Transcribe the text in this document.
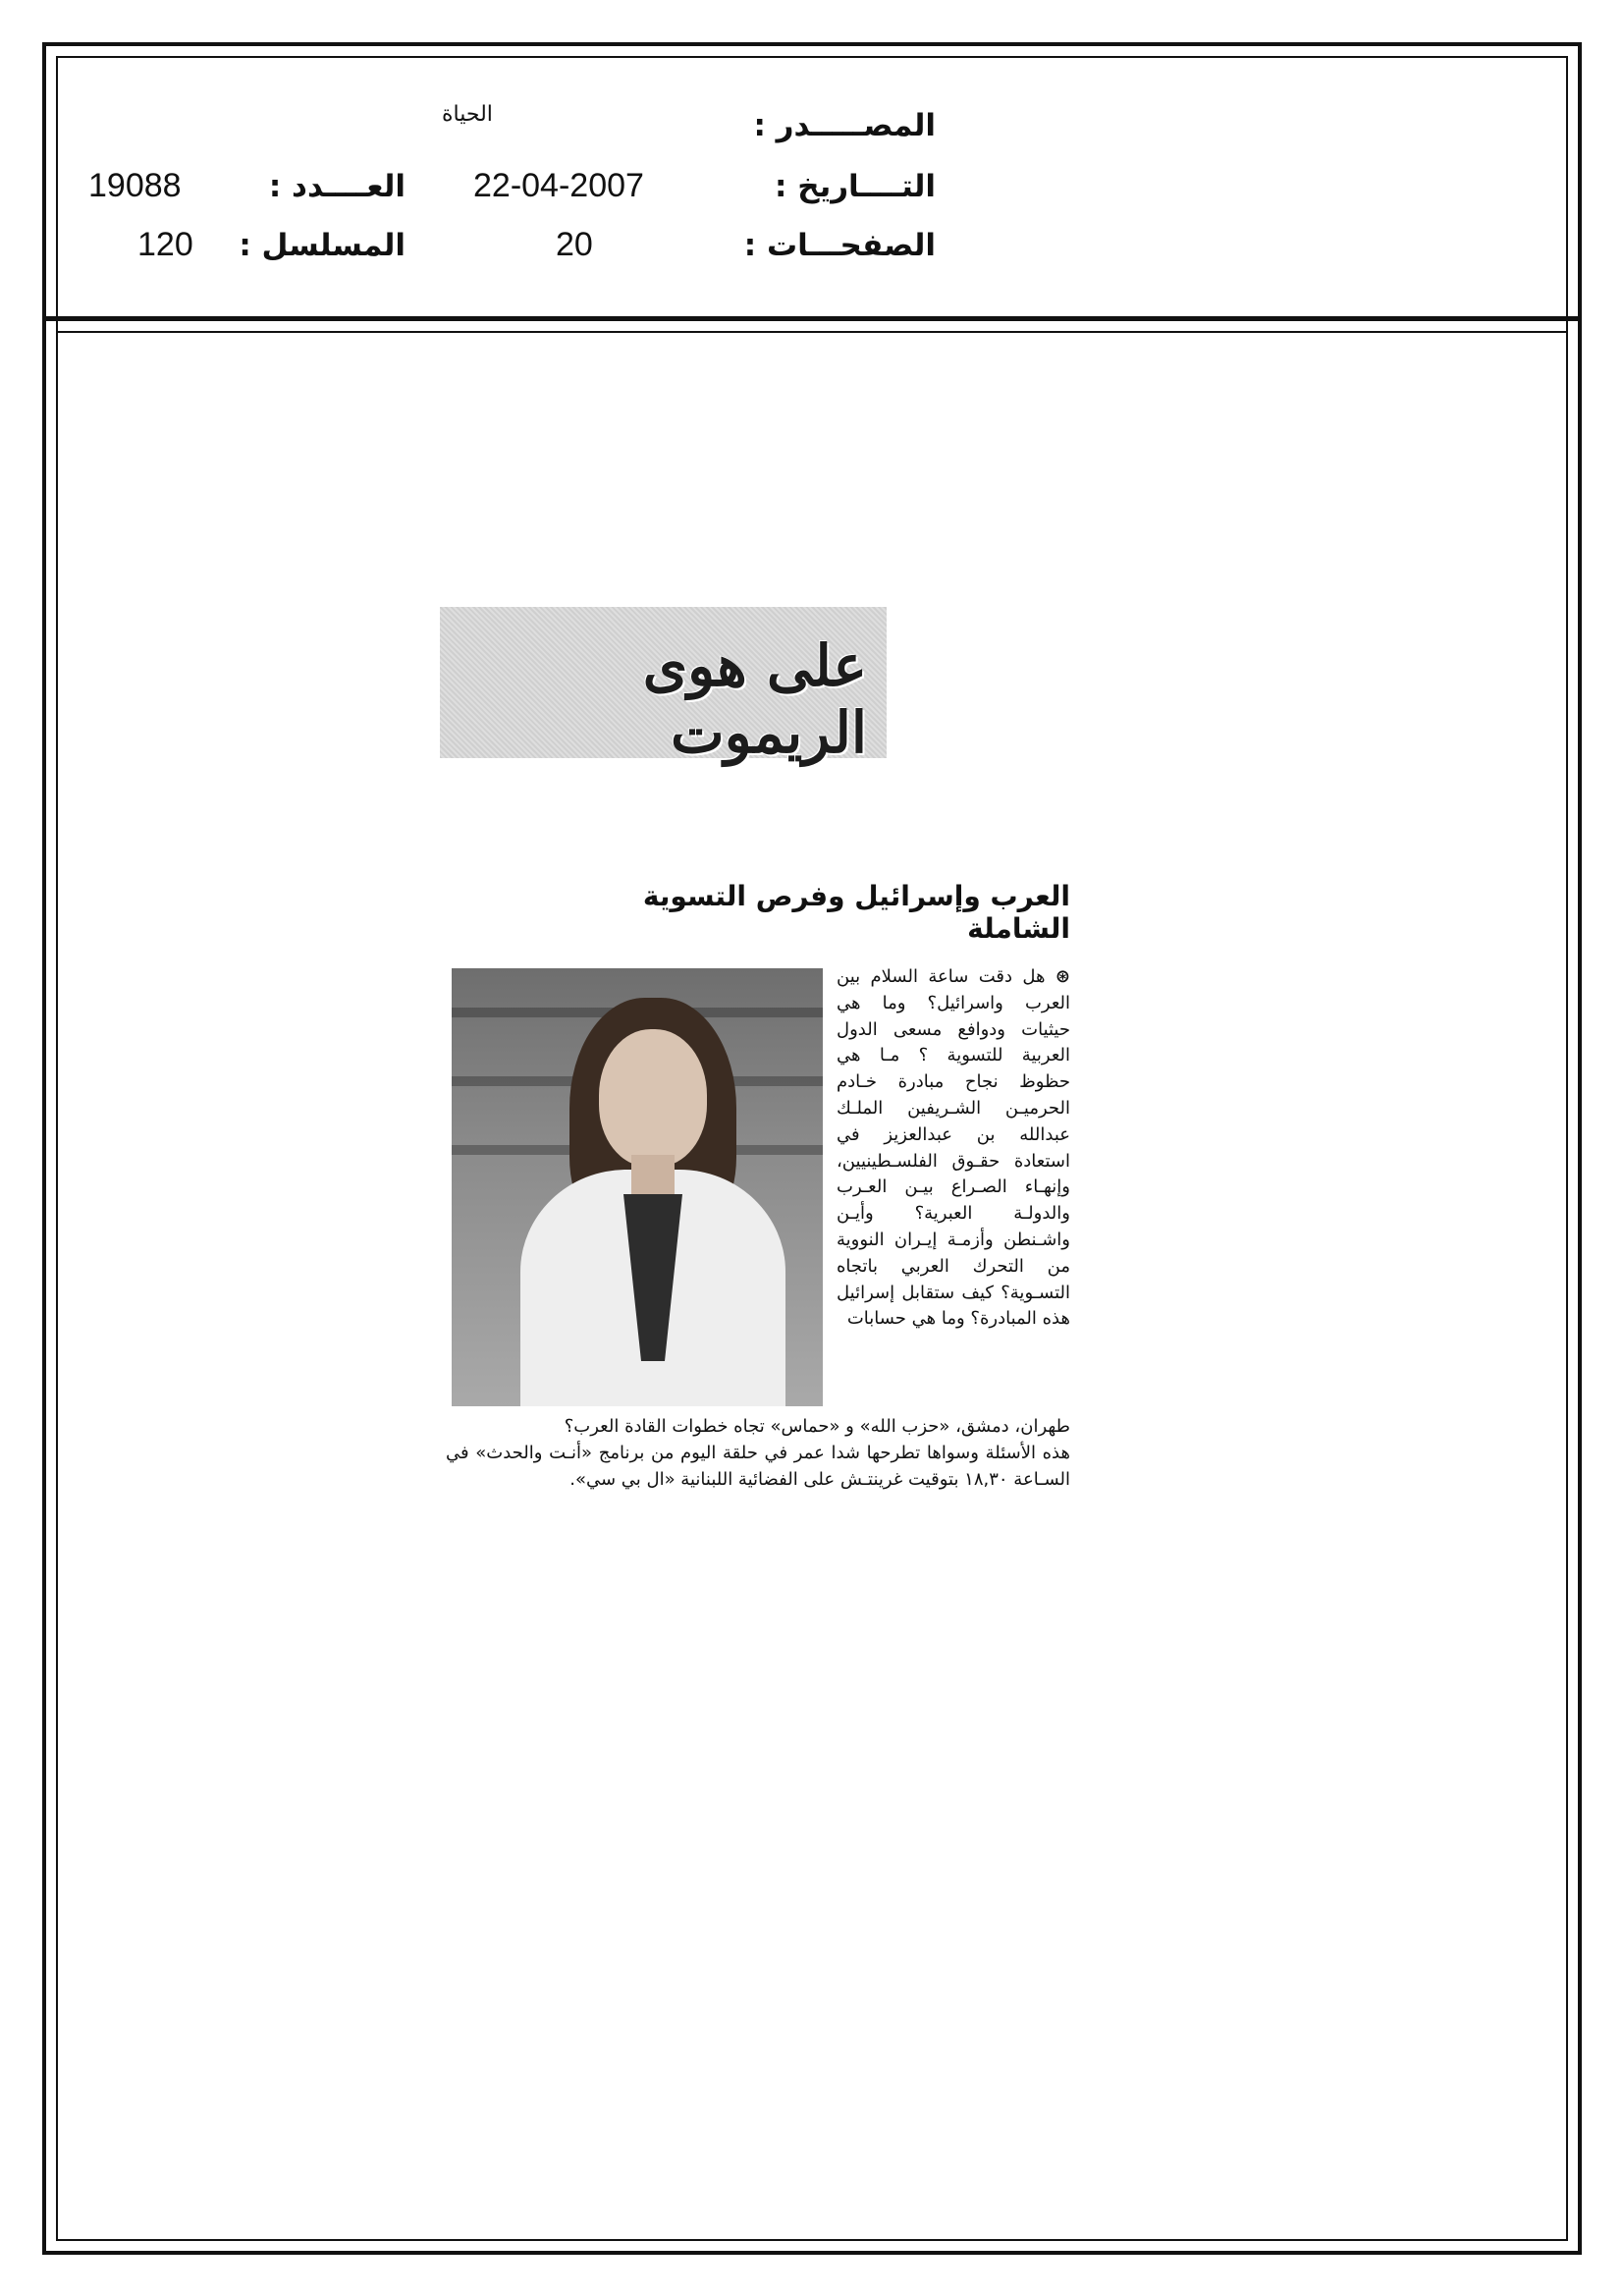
المصـــــدر :
الحياة
التــــاريخ :
22-04-2007
العــــدد :
19088
الصفحـــات :
20
المسلسل :
120
على هوى الريموت
العرب وإسرائيل وفرص التسوية الشاملة
⊛ هل دقت ساعة السلام بين العرب واسرائيل؟ وما هي حيثيات ودوافع مسعى الدول العربية للتسوية ؟ مـا هي حظوظ نجاح مبادرة خـادم الحرميـن الشـريفين الملـك عبدالله بن عبدالعزيز في استعادة حقـوق الفلسـطينيين، وإنهـاء الصـراع بيـن العـرب والدولـة العبرية؟ وأيـن واشـنطن وأزمـة إيـران النووية من التحرك العربي باتجاه التسـوية؟ كيف ستقابل إسرائيل هذه المبادرة؟ وما هي حسابات
طهران، دمشق، «حزب الله» و «حماس» تجاه خطوات القادة العرب؟
هذه الأسئلة وسواها تطرحها شدا عمر في حلقة اليوم من برنامج «أنـت والحدث» في السـاعة ١٨,٣٠ بتوقيت غرينتـش على الفضائية اللبنانية «ال بي سي».
